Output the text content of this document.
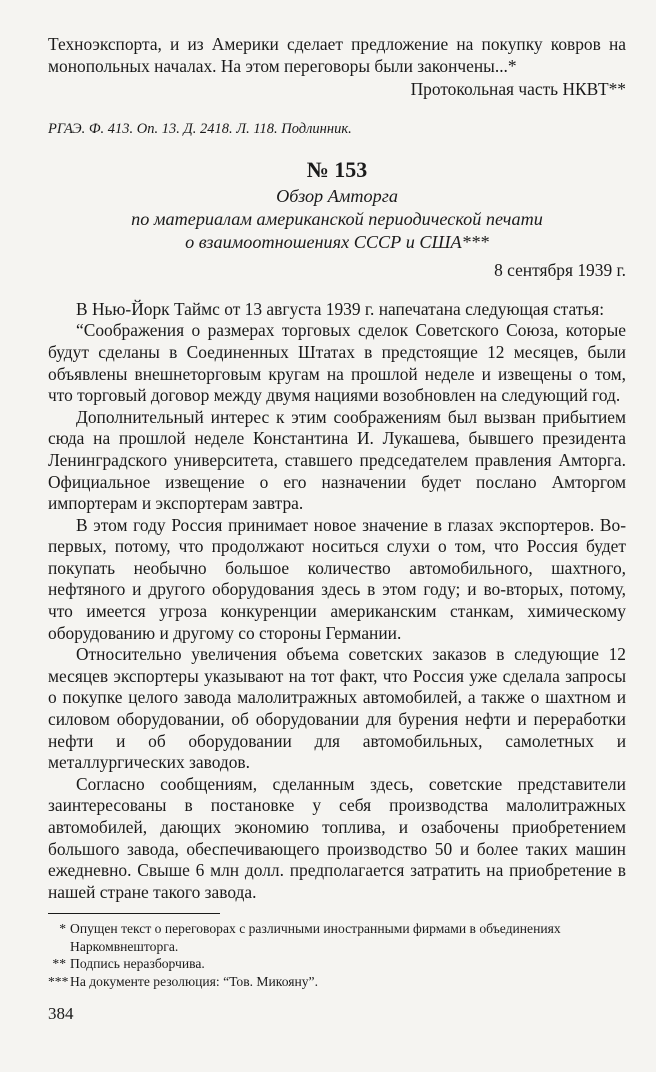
Техноэкспорта, и из Америки сделает предложение на покупку ковров на монопольных началах. На этом переговоры были закончены...*

Протокольная часть НКВТ**

РГАЭ. Ф. 413. Оп. 13. Д. 2418. Л. 118. Подлинник.

№ 153

Обзор Амторга

по материалам американской периодической печати

о взаимоотношениях СССР и США***

8 сентября 1939 г.

В Нью-Йорк Таймс от 13 августа 1939 г. напечатана следующая статья:

“Соображения о размерах торговых сделок Советского Союза, которые будут сделаны в Соединенных Штатах в предстоящие 12 месяцев, были объявлены внешнеторговым кругам на прошлой неделе и извещены о том, что торговый договор между двумя нациями возобновлен на следующий год.

Дополнительный интерес к этим соображениям был вызван прибытием сюда на прошлой неделе Константина И. Лукашева, бывшего президента Ленинградского университета, ставшего председателем правления Амторга. Официальное извещение о его назначении будет послано Амторгом импортерам и экспортерам завтра.

В этом году Россия принимает новое значение в глазах экспортеров. Во-первых, потому, что продолжают носиться слухи о том, что Россия будет покупать необычно большое количество автомобильного, шахтного, нефтяного и другого оборудования здесь в этом году; и во-вторых, потому, что имеется угроза конкуренции американским станкам, химическому оборудованию и другому со стороны Германии.

Относительно увеличения объема советских заказов в следующие 12 месяцев экспортеры указывают на тот факт, что Россия уже сделала запросы о покупке целого завода малолитражных автомобилей, а также о шахтном и силовом оборудовании, об оборудовании для бурения нефти и переработки нефти и об оборудовании для автомобильных, самолетных и металлургических заводов.

Согласно сообщениям, сделанным здесь, советские представители заинтересованы в постановке у себя производства малолитражных автомобилей, дающих экономию топлива, и озабочены приобретением большого завода, обеспечивающего производство 50 и более таких машин ежедневно. Свыше 6 млн долл. предполагается затратить на приобретение в нашей стране такого завода.

* Опущен текст о переговорах с различными иностранными фирмами в объединениях Наркомвнешторга.

** Подпись неразборчива.

*** На документе резолюция: “Тов. Микояну”.

384
